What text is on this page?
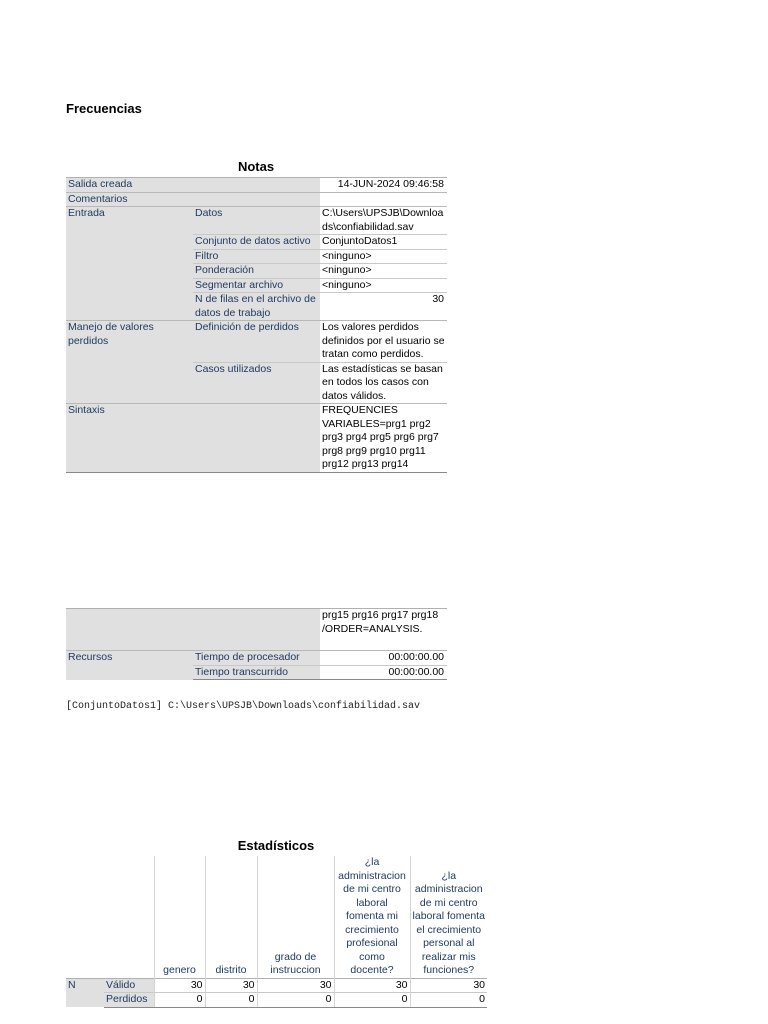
Frecuencias
Notas
Salida creada		14-JUN-2024 09:46:58
Comentarios		
Entrada	Datos	C:\Users\UPSJB\Downloads\confiabilidad.sav
	Conjunto de datos activo	ConjuntoDatos1
	Filtro	<ninguno>
	Ponderación	<ninguno>
	Segmentar archivo	<ninguno>
	N de filas en el archivo de datos de trabajo	30
Manejo de valores perdidos	Definición de perdidos	Los valores perdidos definidos por el usuario se tratan como perdidos.
	Casos utilizados	Las estadísticas se basan en todos los casos con datos válidos.
Sintaxis		FREQUENCIES VARIABLES=prg1 prg2 prg3 prg4 prg5 prg6 prg7 prg8 prg9 prg10 prg11 prg12 prg13 prg14
		prg15 prg16 prg17 prg18 /ORDER=ANALYSIS.
Recursos	Tiempo de procesador	00:00:00.00
	Tiempo transcurrido	00:00:00.00
[ConjuntoDatos1] C:\Users\UPSJB\Downloads\confiabilidad.sav
Estadísticos
		genero	distrito	grado de instruccion	¿la administracion de mi centro laboral fomenta mi crecimiento profesional como docente?	¿la administracion de mi centro laboral fomenta el crecimiento personal al realizar mis funciones?
N	Válido	30	30	30	30	30
	Perdidos	0	0	0	0	0
